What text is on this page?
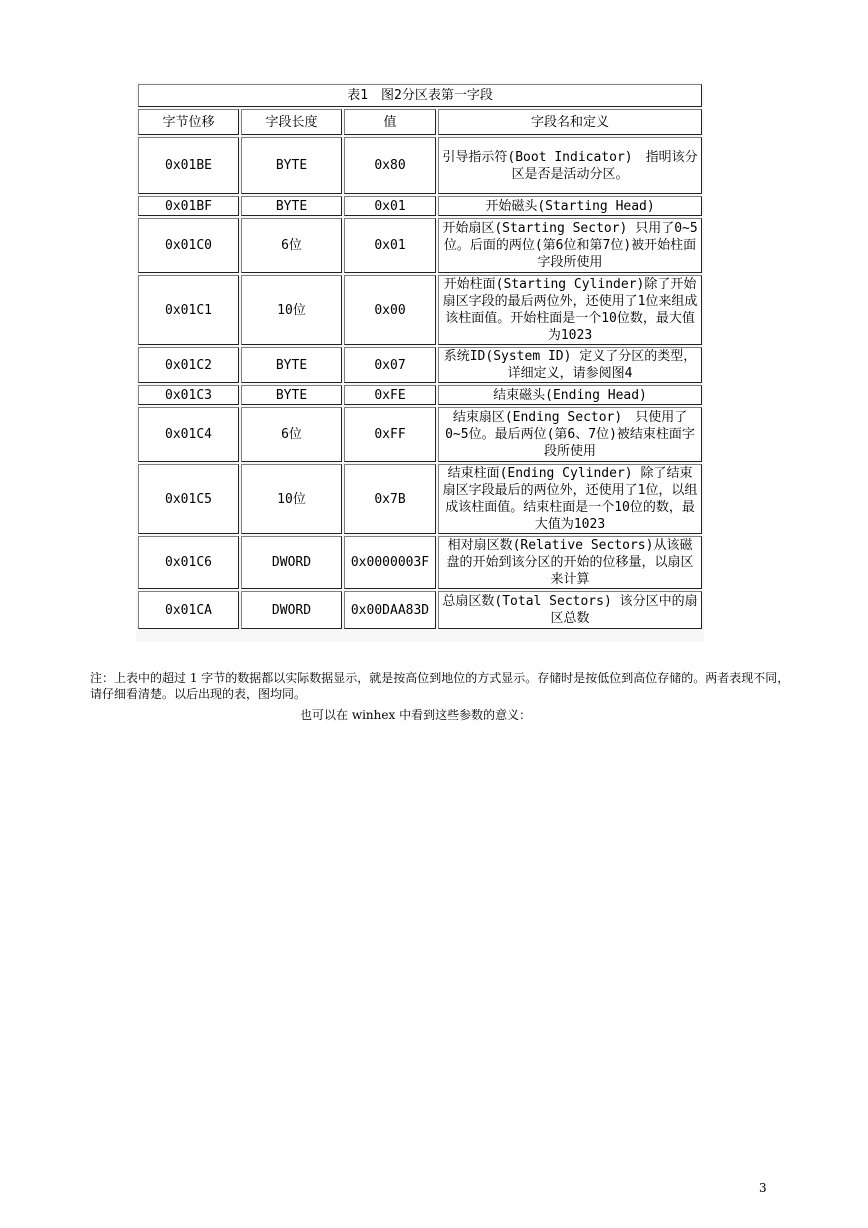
表1　图2分区表第一字段			
字节位移	字段长度	值	字段名和定义
0x01BE	BYTE	0x80	引导指示符(Boot Indicator)　指明该分区是否是活动分区。
0x01BF	BYTE	0x01	开始磁头(Starting Head)
0x01C0	6位	0x01	开始扇区(Starting Sector) 只用了0~5位。后面的两位(第6位和第7位)被开始柱面字段所使用
0x01C1	10位	0x00	开始柱面(Starting Cylinder)除了开始扇区字段的最后两位外，还使用了1位来组成该柱面值。开始柱面是一个10位数，最大值为1023
0x01C2	BYTE	0x07	系统ID(System ID) 定义了分区的类型，详细定义，请参阅图4
0x01C3	BYTE	0xFE	结束磁头(Ending Head)
0x01C4	6位	0xFF	结束扇区(Ending Sector)　只使用了0~5位。最后两位(第6、7位)被结束柱面字段所使用
0x01C5	10位	0x7B	结束柱面(Ending Cylinder) 除了结束扇区字段最后的两位外，还使用了1位，以组成该柱面值。结束柱面是一个10位的数，最大值为1023
0x01C6	DWORD	0x0000003F	相对扇区数(Relative Sectors)从该磁盘的开始到该分区的开始的位移量，以扇区来计算
0x01CA	DWORD	0x00DAA83D	总扇区数(Total Sectors) 该分区中的扇区总数
注：上表中的超过 1 字节的数据都以实际数据显示，就是按高位到地位的方式显示。存储时是按低位到高位存储的。两者表现不同，请仔细看清楚。以后出现的表，图均同。
也可以在 winhex 中看到这些参数的意义：
3
